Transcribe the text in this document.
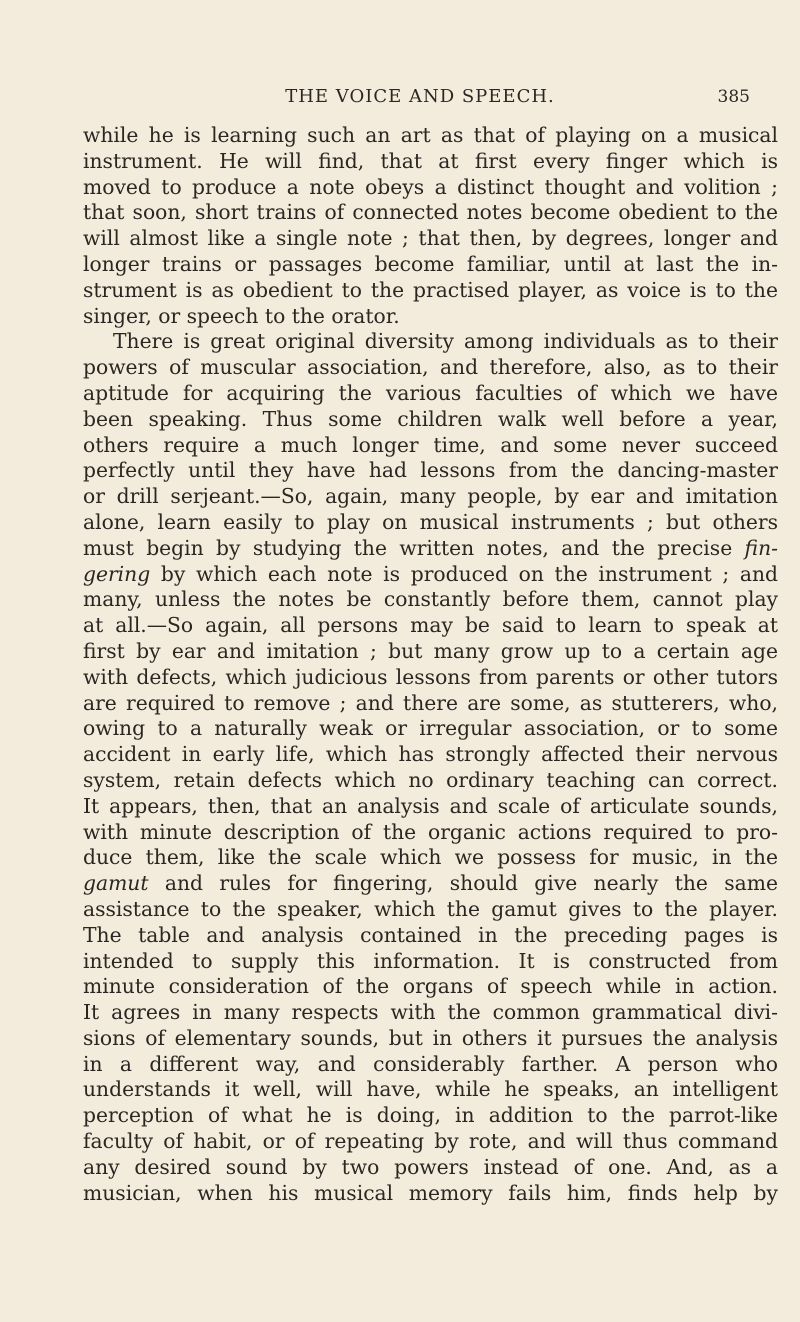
THE VOICE AND SPEECH.	385
while he is learning such an art as that of playing on a musical
instrument. He will find, that at first every finger which is
moved to produce a note obeys a distinct thought and volition ;
that soon, short trains of connected notes become obedient to the
will almost like a single note ; that then, by degrees, longer and
longer trains or passages become familiar, until at last the in-
strument is as obedient to the practised player, as voice is to the
singer, or speech to the orator.
There is great original diversity among individuals as to their
powers of muscular association, and therefore, also, as to their
aptitude for acquiring the various faculties of which we have
been speaking. Thus some children walk well before a year,
others require a much longer time, and some never succeed
perfectly until they have had lessons from the dancing-master
or drill serjeant.—So, again, many people, by ear and imitation
alone, learn easily to play on musical instruments ; but others
must begin by studying the written notes, and the precise fin-
gering by which each note is produced on the instrument ; and
many, unless the notes be constantly before them, cannot play
at all.—So again, all persons may be said to learn to speak at
first by ear and imitation ; but many grow up to a certain age
with defects, which judicious lessons from parents or other tutors
are required to remove ; and there are some, as stutterers, who,
owing to a naturally weak or irregular association, or to some
accident in early life, which has strongly affected their nervous
system, retain defects which no ordinary teaching can correct.
It appears, then, that an analysis and scale of articulate sounds,
with minute description of the organic actions required to pro-
duce them, like the scale which we possess for music, in the
gamut and rules for fingering, should give nearly the same
assistance to the speaker, which the gamut gives to the player.
The table and analysis contained in the preceding pages is
intended to supply this information. It is constructed from
minute consideration of the organs of speech while in action.
It agrees in many respects with the common grammatical divi-
sions of elementary sounds, but in others it pursues the analysis
in a different way, and considerably farther. A person who
understands it well, will have, while he speaks, an intelligent
perception of what he is doing, in addition to the parrot-like
faculty of habit, or of repeating by rote, and will thus command
any desired sound by two powers instead of one. And, as a
musician, when his musical memory fails him, finds help by
